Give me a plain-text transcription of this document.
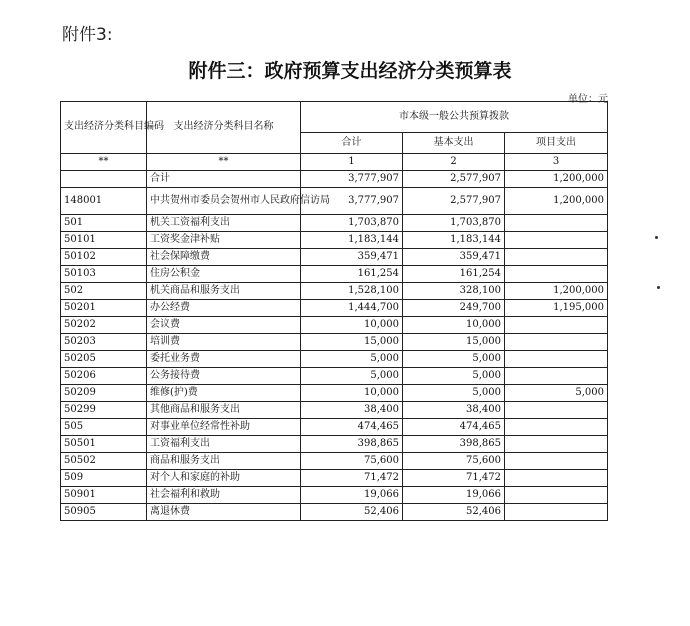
附件3:
附件三：政府预算支出经济分类预算表
单位：元
支出经济分类科目编码	支出经济分类科目名称	市本级一般公共预算拨款		
		合计	基本支出	项目支出
**	**	1	2	3
	合计	3,777,907	2,577,907	1,200,000
148001	中共贺州市委员会贺州市人民政府信访局	3,777,907	2,577,907	1,200,000
501	机关工资福利支出	1,703,870	1,703,870	
50101	工资奖金津补贴	1,183,144	1,183,144	
50102	社会保障缴费	359,471	359,471	
50103	住房公积金	161,254	161,254	
502	机关商品和服务支出	1,528,100	328,100	1,200,000
50201	办公经费	1,444,700	249,700	1,195,000
50202	会议费	10,000	10,000	
50203	培训费	15,000	15,000	
50205	委托业务费	5,000	5,000	
50206	公务接待费	5,000	5,000	
50209	维修(护)费	10,000	5,000	5,000
50299	其他商品和服务支出	38,400	38,400	
505	对事业单位经常性补助	474,465	474,465	
50501	工资福利支出	398,865	398,865	
50502	商品和服务支出	75,600	75,600	
509	对个人和家庭的补助	71,472	71,472	
50901	社会福利和救助	19,066	19,066	
50905	离退休费	52,406	52,406	
